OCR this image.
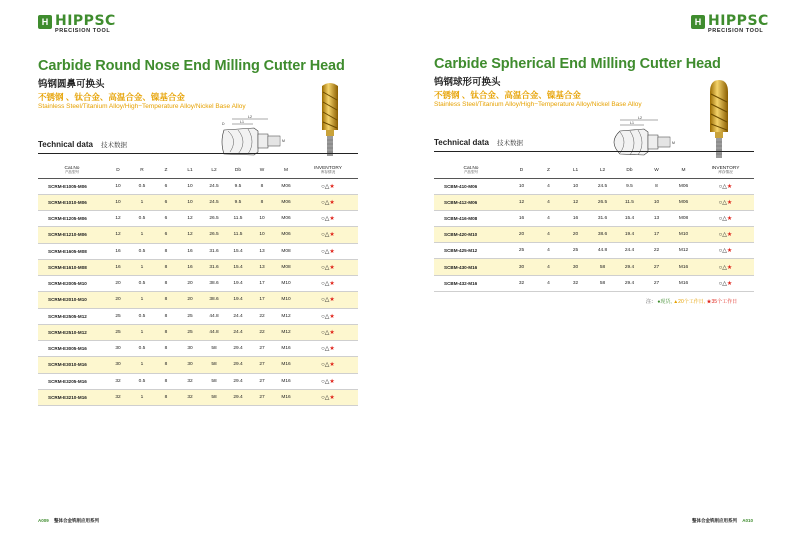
H HIPPSC
PRECISION TOOL
Carbide Round Nose End Milling Cutter Head
钨钢圆鼻可换头
不锈钢 、钛合金、高温合金、镍基合金
Stainless Steel/Titanium Alloy/High−Temperature Alloy/Nickel Base Alloy
L2
L1
D
M
Technical data 技术数据
Cat.No
产品型号	D	R	Z	L1	L2	Db	W	M	INVENTORY
库存情况

SCRM-E1005-M06	10	0.5	6	10	24.5	9.5	8	M06	○△★
SCRM-E1010-M06	10	1	6	10	24.5	9.5	8	M06	○△★
SCRM-E1205-M06	12	0.5	6	12	26.5	11.5	10	M06	○△★
SCRM-E1210-M06	12	1	6	12	26.5	11.5	10	M06	○△★
SCRM-E1605-M08	16	0.5	8	16	31.6	15.4	13	M08	○△★
SCRM-E1610-M08	16	1	8	16	31.6	15.4	13	M08	○△★
SCRM-E2005-M10	20	0.5	8	20	38.6	19.4	17	M10	○△★
SCRM-E2010-M10	20	1	8	20	38.6	19.4	17	M10	○△★
SCRM-E2505-M12	25	0.5	8	25	44.8	24.4	22	M12	○△★
SCRM-E2510-M12	25	1	8	25	44.8	24.4	22	M12	○△★
SCRM-E3005-M16	30	0.5	8	30	58	29.4	27	M16	○△★
SCRM-E3010-M16	30	1	8	30	58	29.4	27	M16	○△★
SCRM-E3205-M16	32	0.5	8	32	58	29.4	27	M16	○△★
SCRM-E3210-M16	32	1	8	32	58	29.4	27	M16	○△★
A009 整体合金铣削应用系列
H HIPPSC
PRECISION TOOL
Carbide Spherical End Milling Cutter Head
钨钢球形可换头
不锈钢 、钛合金、高温合金、镍基合金
Stainless Steel/Titanium Alloy/High−Temperature Alloy/Nickel Base Alloy
L2
L1
M
Technical data 技术数据
Cat.No
产品型号	D	Z	L1	L2	Db	W	M	INVENTORY
库存情况

SCBM-410-M06	10	4	10	24.5	9.5	8	M06	○△★
SCBM-412-M06	12	4	12	26.5	11.5	10	M06	○△★
SCBM-416-M08	16	4	16	31.6	15.4	13	M08	○△★
SCBM-420-M10	20	4	20	38.6	19.4	17	M10	○△★
SCBM-425-M12	25	4	25	44.8	24.4	22	M12	○△★
SCBM-430-M16	30	4	30	58	29.4	27	M16	○△★
SCBM-432-M16	32	4	32	58	29.4	27	M16	○△★
注： ●现货, ▲20个工作日, ★35个工作日
整体合金铣削应用系列 A010
